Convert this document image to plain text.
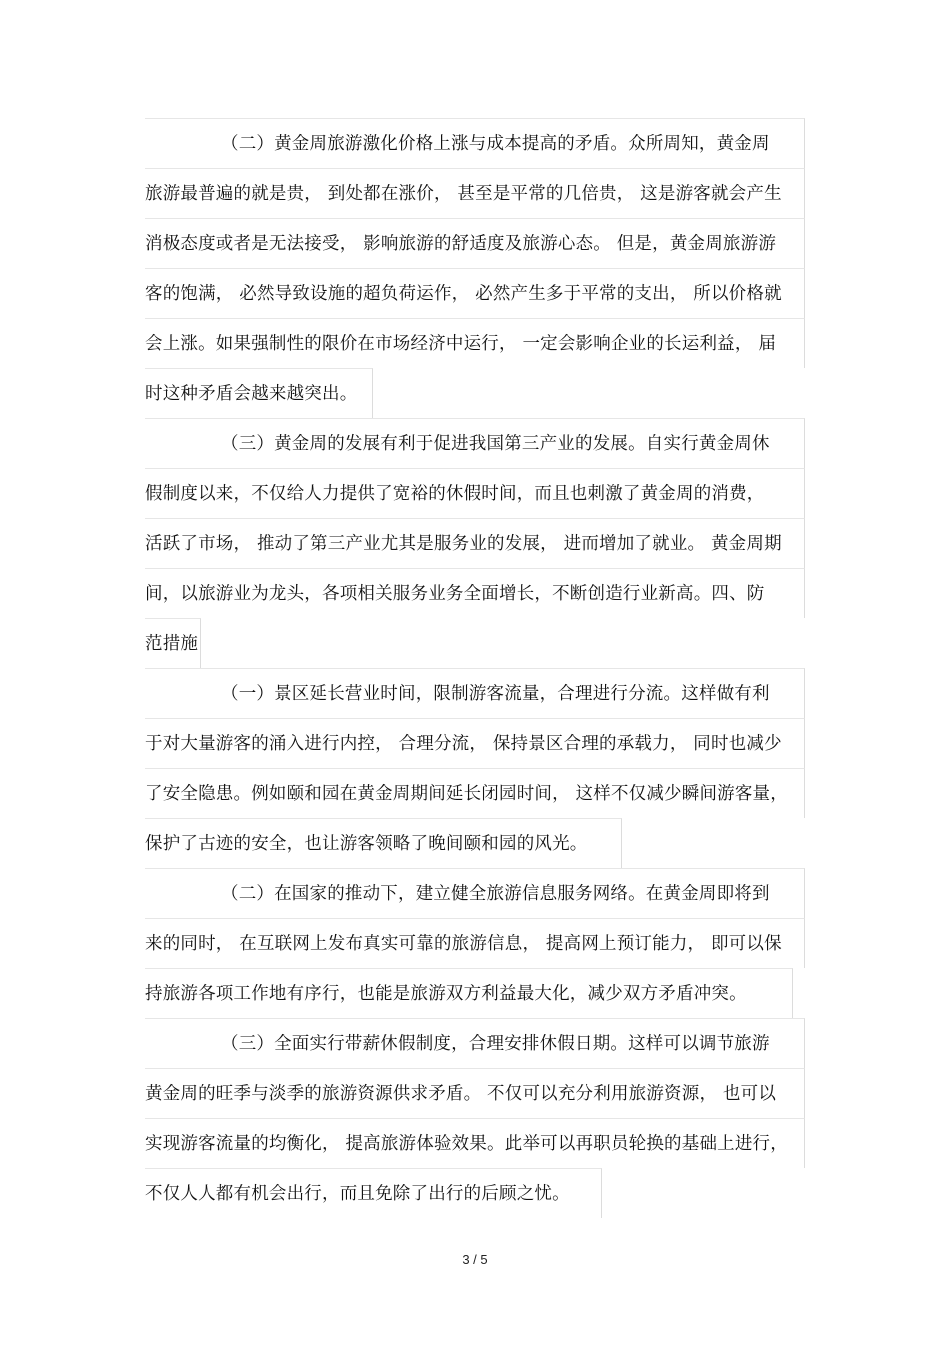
（二）黄金周旅游激化价格上涨与成本提高的矛盾。众所周知，黄金周
旅游最普遍的就是贵， 到处都在涨价， 甚至是平常的几倍贵， 这是游客就会产生
消极态度或者是无法接受， 影响旅游的舒适度及旅游心态。 但是，黄金周旅游游
客的饱满， 必然导致设施的超负荷运作， 必然产生多于平常的支出， 所以价格就
会上涨。如果强制性的限价在市场经济中运行， 一定会影响企业的长运利益， 届
时这种矛盾会越来越突出。
（三）黄金周的发展有利于促进我国第三产业的发展。自实行黄金周休
假制度以来，不仅给人力提供了宽裕的休假时间，而且也刺激了黄金周的消费，
活跃了市场， 推动了第三产业尤其是服务业的发展， 进而增加了就业。 黄金周期
间，以旅游业为龙头，各项相关服务业务全面增长，不断创造行业新高。四、防
范措施
（一）景区延长营业时间，限制游客流量，合理进行分流。这样做有利
于对大量游客的涌入进行内控， 合理分流， 保持景区合理的承载力， 同时也减少
了安全隐患。例如颐和园在黄金周期间延长闭园时间， 这样不仅减少瞬间游客量，
保护了古迹的安全，也让游客领略了晚间颐和园的风光。
（二）在国家的推动下，建立健全旅游信息服务网络。在黄金周即将到
来的同时， 在互联网上发布真实可靠的旅游信息， 提高网上预订能力， 即可以保
持旅游各项工作地有序行，也能是旅游双方利益最大化，减少双方矛盾冲突。
（三）全面实行带薪休假制度，合理安排休假日期。这样可以调节旅游
黄金周的旺季与淡季的旅游资源供求矛盾。 不仅可以充分利用旅游资源， 也可以
实现游客流量的均衡化， 提高旅游体验效果。此举可以再职员轮换的基础上进行，
不仅人人都有机会出行，而且免除了出行的后顾之忧。
3 / 5
